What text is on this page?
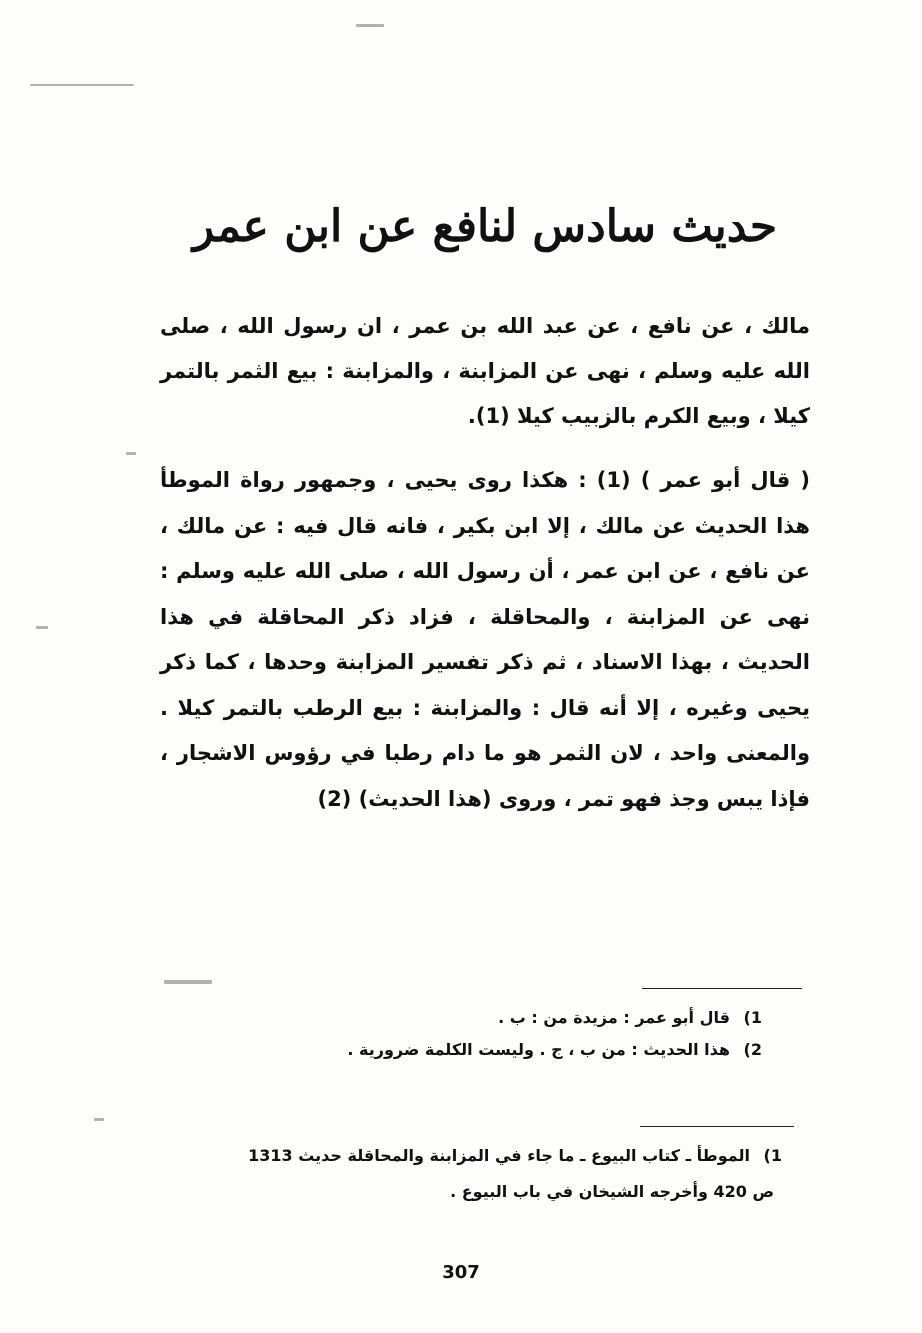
حديث سادس لنافع عن ابن عمر
مالك ، عن نافع ، عن عبد الله بن عمر ، ان رسول الله ، صلى الله عليه وسلم ، نهى عن المزابنة ، والمزابنة : بيع الثمر بالتمر كيلا ، وبيع الكرم بالزبيب كيلا (1).
( قال أبو عمر ) (1) : هكذا روى يحيى ، وجمهور رواة الموطأ هذا الحديث عن مالك ، إلا ابن بكير ، فانه قال فيه : عن مالك ، عن نافع ، عن ابن عمر ، أن رسول الله ، صلى الله عليه وسلم : نهى عن المزابنة ، والمحاقلة ، فزاد ذكر المحاقلة في هذا الحديث ، بهذا الاسناد ، ثم ذكر تفسير المزابنة وحدها ، كما ذكر يحيى وغيره ، إلا أنه قال : والمزابنة : بيع الرطب بالتمر كيلا . والمعنى واحد ، لان الثمر هو ما دام رطبا في رؤوس الاشجار ، فإذا يبس وجذ فهو تمر ، وروى (هذا الحديث) (2)
1) قال أبو عمر : مزيدة من : ب .
2) هذا الحديث : من ب ، ج . وليست الكلمة ضرورية .
1) الموطأ ـ كتاب البيوع ـ ما جاء في المزابنة والمحاقلة حديث 1313
ص 420 وأخرجه الشيخان في باب البيوع .
307
